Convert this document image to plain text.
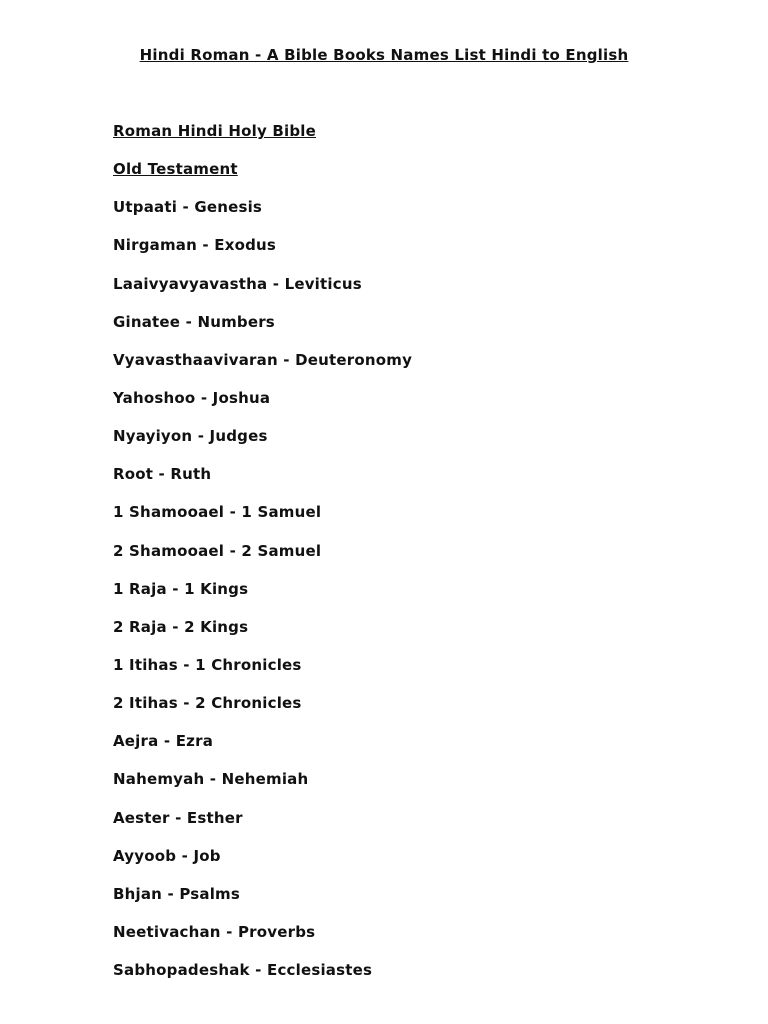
Hindi Roman - A Bible Books Names List Hindi to English
Roman Hindi Holy Bible
Old Testament
Utpaati - Genesis
Nirgaman - Exodus
Laaivyavyavastha - Leviticus
Ginatee - Numbers
Vyavasthaavivaran - Deuteronomy
Yahoshoo - Joshua
Nyayiyon - Judges
Root - Ruth
1 Shamooael - 1 Samuel
2 Shamooael - 2 Samuel
1 Raja - 1 Kings
2 Raja - 2 Kings
1 Itihas - 1 Chronicles
2 Itihas - 2 Chronicles
Aejra - Ezra
Nahemyah - Nehemiah
Aester - Esther
Ayyoob - Job
Bhjan - Psalms
Neetivachan - Proverbs
Sabhopadeshak - Ecclesiastes
